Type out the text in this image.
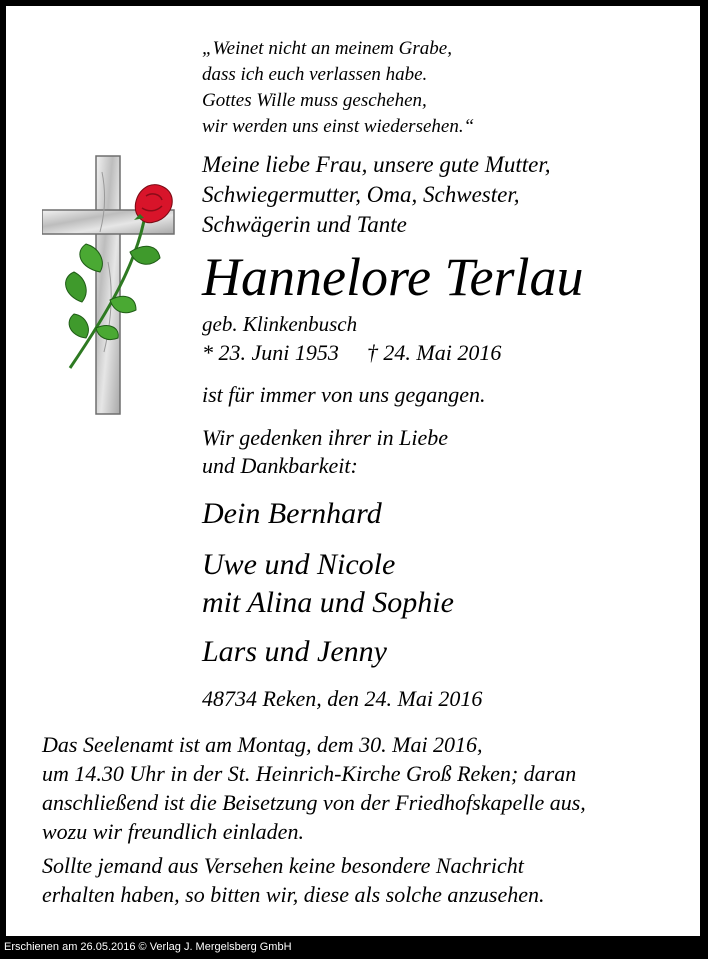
„Weinet nicht an meinem Grabe,
dass ich euch verlassen habe.
Gottes Wille muss geschehen,
wir werden uns einst wiedersehen.“
Meine liebe Frau, unsere gute Mutter,
Schwiegermutter, Oma, Schwester,
Schwägerin und Tante
Hannelore Terlau
geb. Klinkenbusch
* 23. Juni 1953 † 24. Mai 2016
ist für immer von uns gegangen.
Wir gedenken ihrer in Liebe
und Dankbarkeit:
Dein Bernhard
Uwe und Nicole
mit Alina und Sophie
Lars und Jenny
48734 Reken, den 24. Mai 2016
Das Seelenamt ist am Montag, dem 30. Mai 2016,
um 14.30 Uhr in der St. Heinrich-Kirche Groß Reken; daran
anschließend ist die Beisetzung von der Friedhofskapelle aus,
wozu wir freundlich einladen.
Sollte jemand aus Versehen keine besondere Nachricht
erhalten haben, so bitten wir, diese als solche anzusehen.
Erschienen am 26.05.2016 © Verlag J. Mergelsberg GmbH
